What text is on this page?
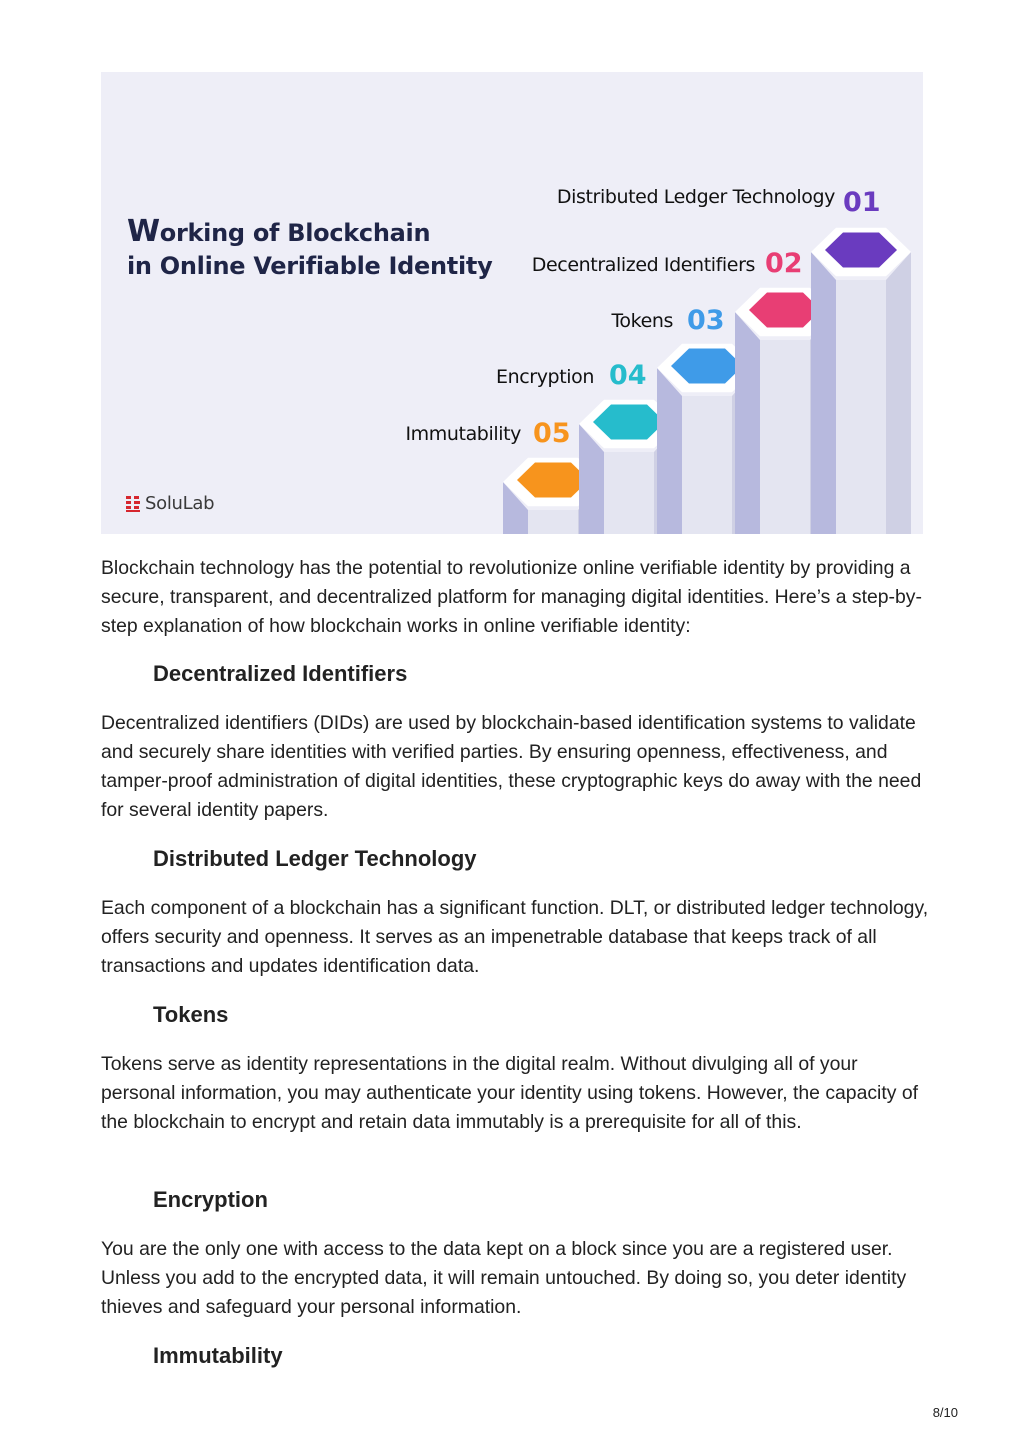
Working of Blockchain
in Online Verifiable Identity
Distributed Ledger Technology 01
Decentralized Identifiers 02
Tokens 03
Encryption 04
Immutability 05
SoluLab

Blockchain technology has the potential to revolutionize online verifiable identity by providing a secure, transparent, and decentralized platform for managing digital identities. Here’s a step-by-step explanation of how blockchain works in online verifiable identity:

Decentralized Identifiers

Decentralized identifiers (DIDs) are used by blockchain-based identification systems to validate and securely share identities with verified parties. By ensuring openness, effectiveness, and tamper-proof administration of digital identities, these cryptographic keys do away with the need for several identity papers.

Distributed Ledger Technology

Each component of a blockchain has a significant function. DLT, or distributed ledger technology, offers security and openness. It serves as an impenetrable database that keeps track of all transactions and updates identification data.

Tokens

Tokens serve as identity representations in the digital realm. Without divulging all of your personal information, you may authenticate your identity using tokens. However, the capacity of the blockchain to encrypt and retain data immutably is a prerequisite for all of this.

Encryption

You are the only one with access to the data kept on a block since you are a registered user. Unless you add to the encrypted data, it will remain untouched. By doing so, you deter identity thieves and safeguard your personal information.

Immutability
8/10
